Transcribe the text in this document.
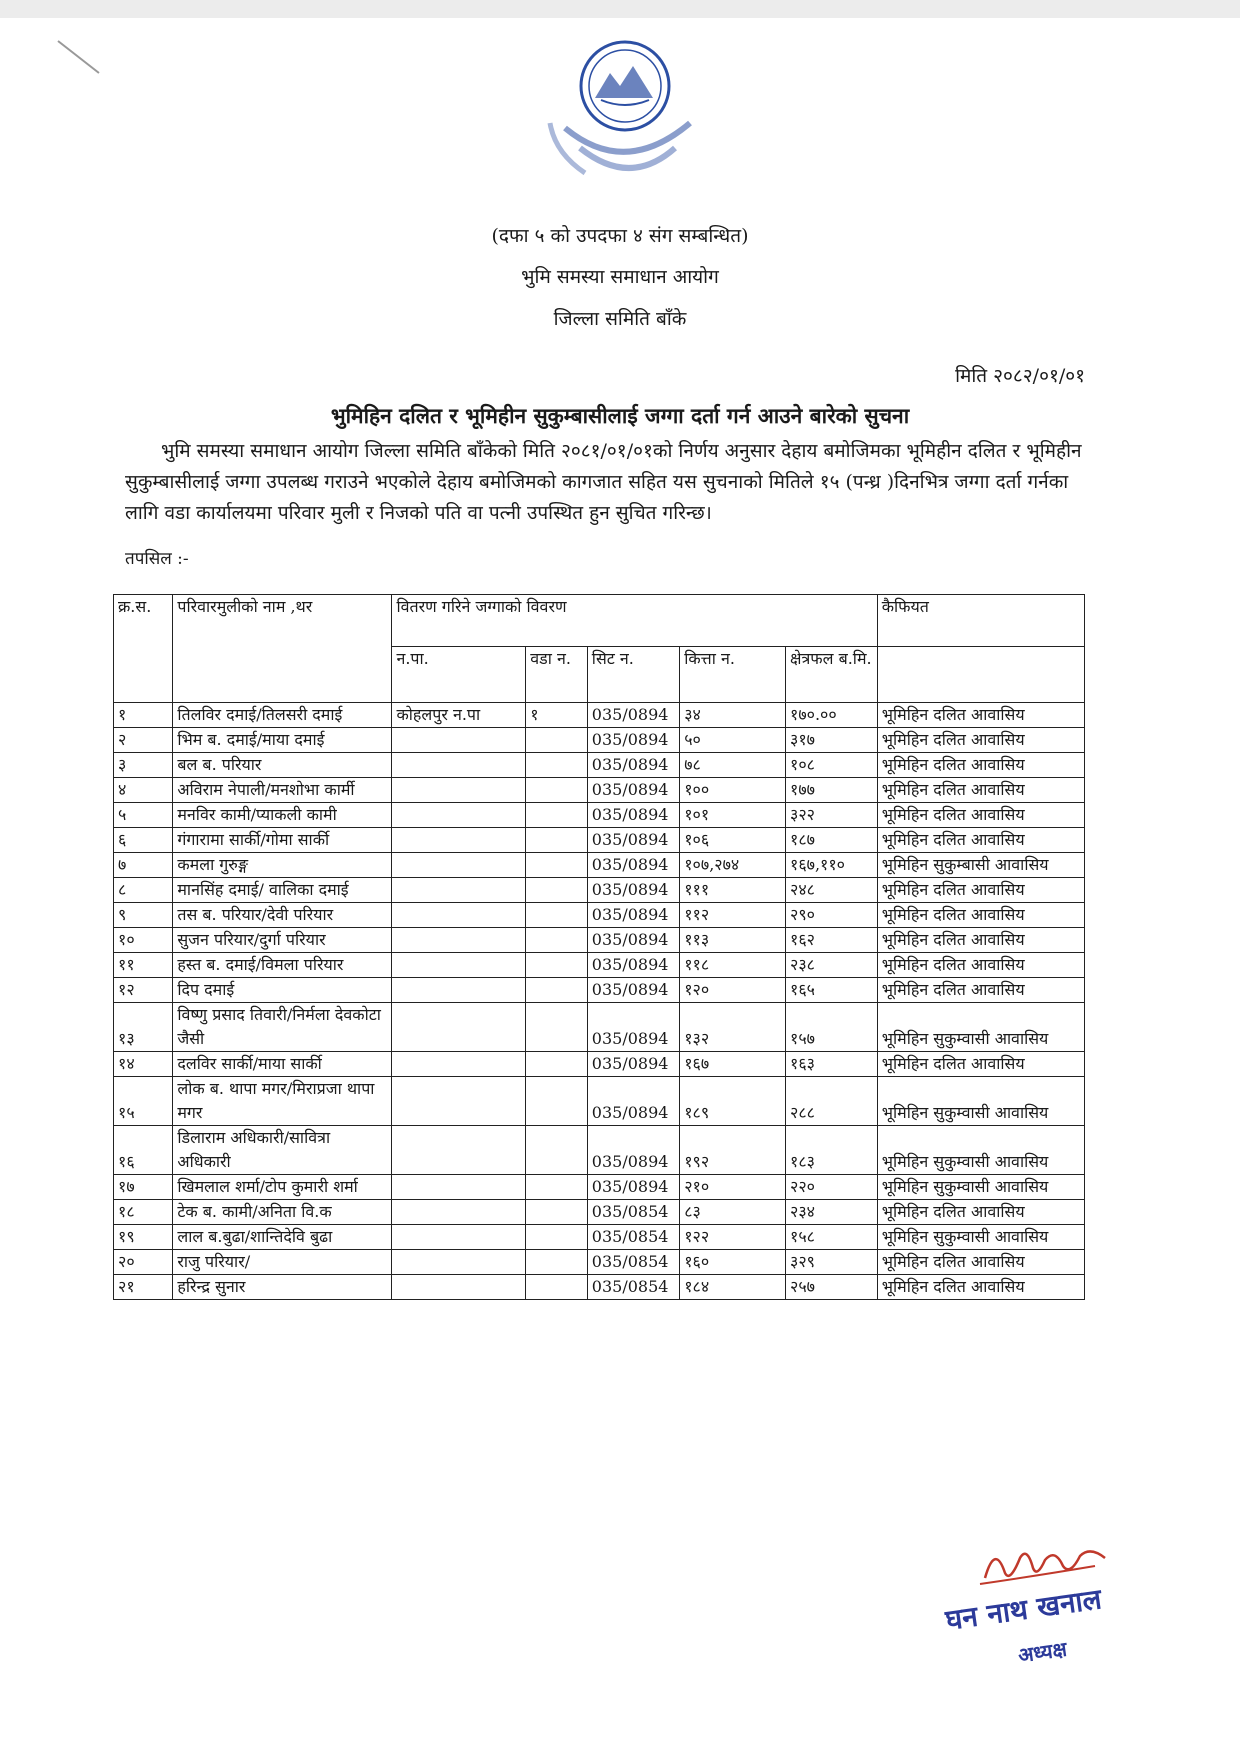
(दफा ५ को उपदफा ४ संग सम्बन्धित)
भुमि समस्या समाधान आयोग
जिल्ला समिति बाँके
मिति २०८२/०१/०१
भुमिहिन दलित र भूमिहीन सुकुम्बासीलाई जग्गा दर्ता गर्न आउने बारेको सुचना
भुमि समस्या समाधान आयोग जिल्ला समिति बाँकेको मिति २०८१/०१/०१को निर्णय अनुसार देहाय बमोजिमका भूमिहीन दलित र भूमिहीन सुकुम्बासीलाई जग्गा उपलब्ध गराउने भएकोले देहाय बमोजिमको कागजात सहित यस सुचनाको मितिले १५ (पन्ध्र )दिनभित्र जग्गा दर्ता गर्नका लागि वडा कार्यालयमा परिवार मुली र निजको पति वा पत्नी उपस्थित हुन सुचित गरिन्छ।
तपसिल :-
क्र.स.	परिवारमुलीको नाम ,थर	वितरण गरिने जग्गाको विवरण					कैफियत
		न.पा.	वडा न.	सिट न.	कित्ता न.	क्षेत्रफल ब.मि.	
१	तिलविर दमाई/तिलसरी दमाई	कोहलपुर न.पा	१	035/0894	३४	१७०.००	भूमिहिन दलित आवासिय
२	भिम ब. दमाई/माया दमाई			035/0894	५०	३१७	भूमिहिन दलित आवासिय
३	बल ब. परियार			035/0894	७८	१०८	भूमिहिन दलित आवासिय
४	अविराम नेपाली/मनशोभा कार्मी			035/0894	१००	१७७	भूमिहिन दलित आवासिय
५	मनविर कामी/प्याकली कामी			035/0894	१०१	३२२	भूमिहिन दलित आवासिय
६	गंगारामा सार्की/गोमा सार्की			035/0894	१०६	१८७	भूमिहिन दलित आवासिय
७	कमला गुरुङ्ग			035/0894	१०७,२७४	१६७,११०	भूमिहिन सुकुम्बासी आवासिय
८	मानसिंह दमाई/ वालिका दमाई			035/0894	१११	२४८	भूमिहिन दलित आवासिय
९	तस ब. परियार/देवी परियार			035/0894	११२	२९०	भूमिहिन दलित आवासिय
१०	सुजन परियार/दुर्गा परियार			035/0894	११३	१६२	भूमिहिन दलित आवासिय
११	हस्त ब. दमाई/विमला परियार			035/0894	११८	२३८	भूमिहिन दलित आवासिय
१२	दिप दमाई			035/0894	१२०	१६५	भूमिहिन दलित आवासिय
१३	विष्णु प्रसाद तिवारी/निर्मला देवकोटा जैसी			035/0894	१३२	१५७	भूमिहिन सुकुम्वासी आवासिय
१४	दलविर सार्की/माया सार्की			035/0894	१६७	१६३	भूमिहिन दलित आवासिय
१५	लोक ब. थापा मगर/मिराप्रजा थापा मगर			035/0894	१८९	२८८	भूमिहिन सुकुम्वासी आवासिय
१६	डिलाराम अधिकारी/सावित्रा अधिकारी			035/0894	१९२	१८३	भूमिहिन सुकुम्वासी आवासिय
१७	खिमलाल शर्मा/टोप कुमारी शर्मा			035/0894	२१०	२२०	भूमिहिन सुकुम्वासी आवासिय
१८	टेक ब. कामी/अनिता वि.क			035/0854	८३	२३४	भूमिहिन दलित आवासिय
१९	लाल ब.बुढा/शान्तिदेवि बुढा			035/0854	१२२	१५८	भूमिहिन सुकुम्वासी आवासिय
२०	राजु परियार/			035/0854	१६०	३२९	भूमिहिन दलित आवासिय
२१	हरिन्द्र सुनार			035/0854	१८४	२५७	भूमिहिन दलित आवासिय
घन नाथ खनाल
अध्यक्ष
